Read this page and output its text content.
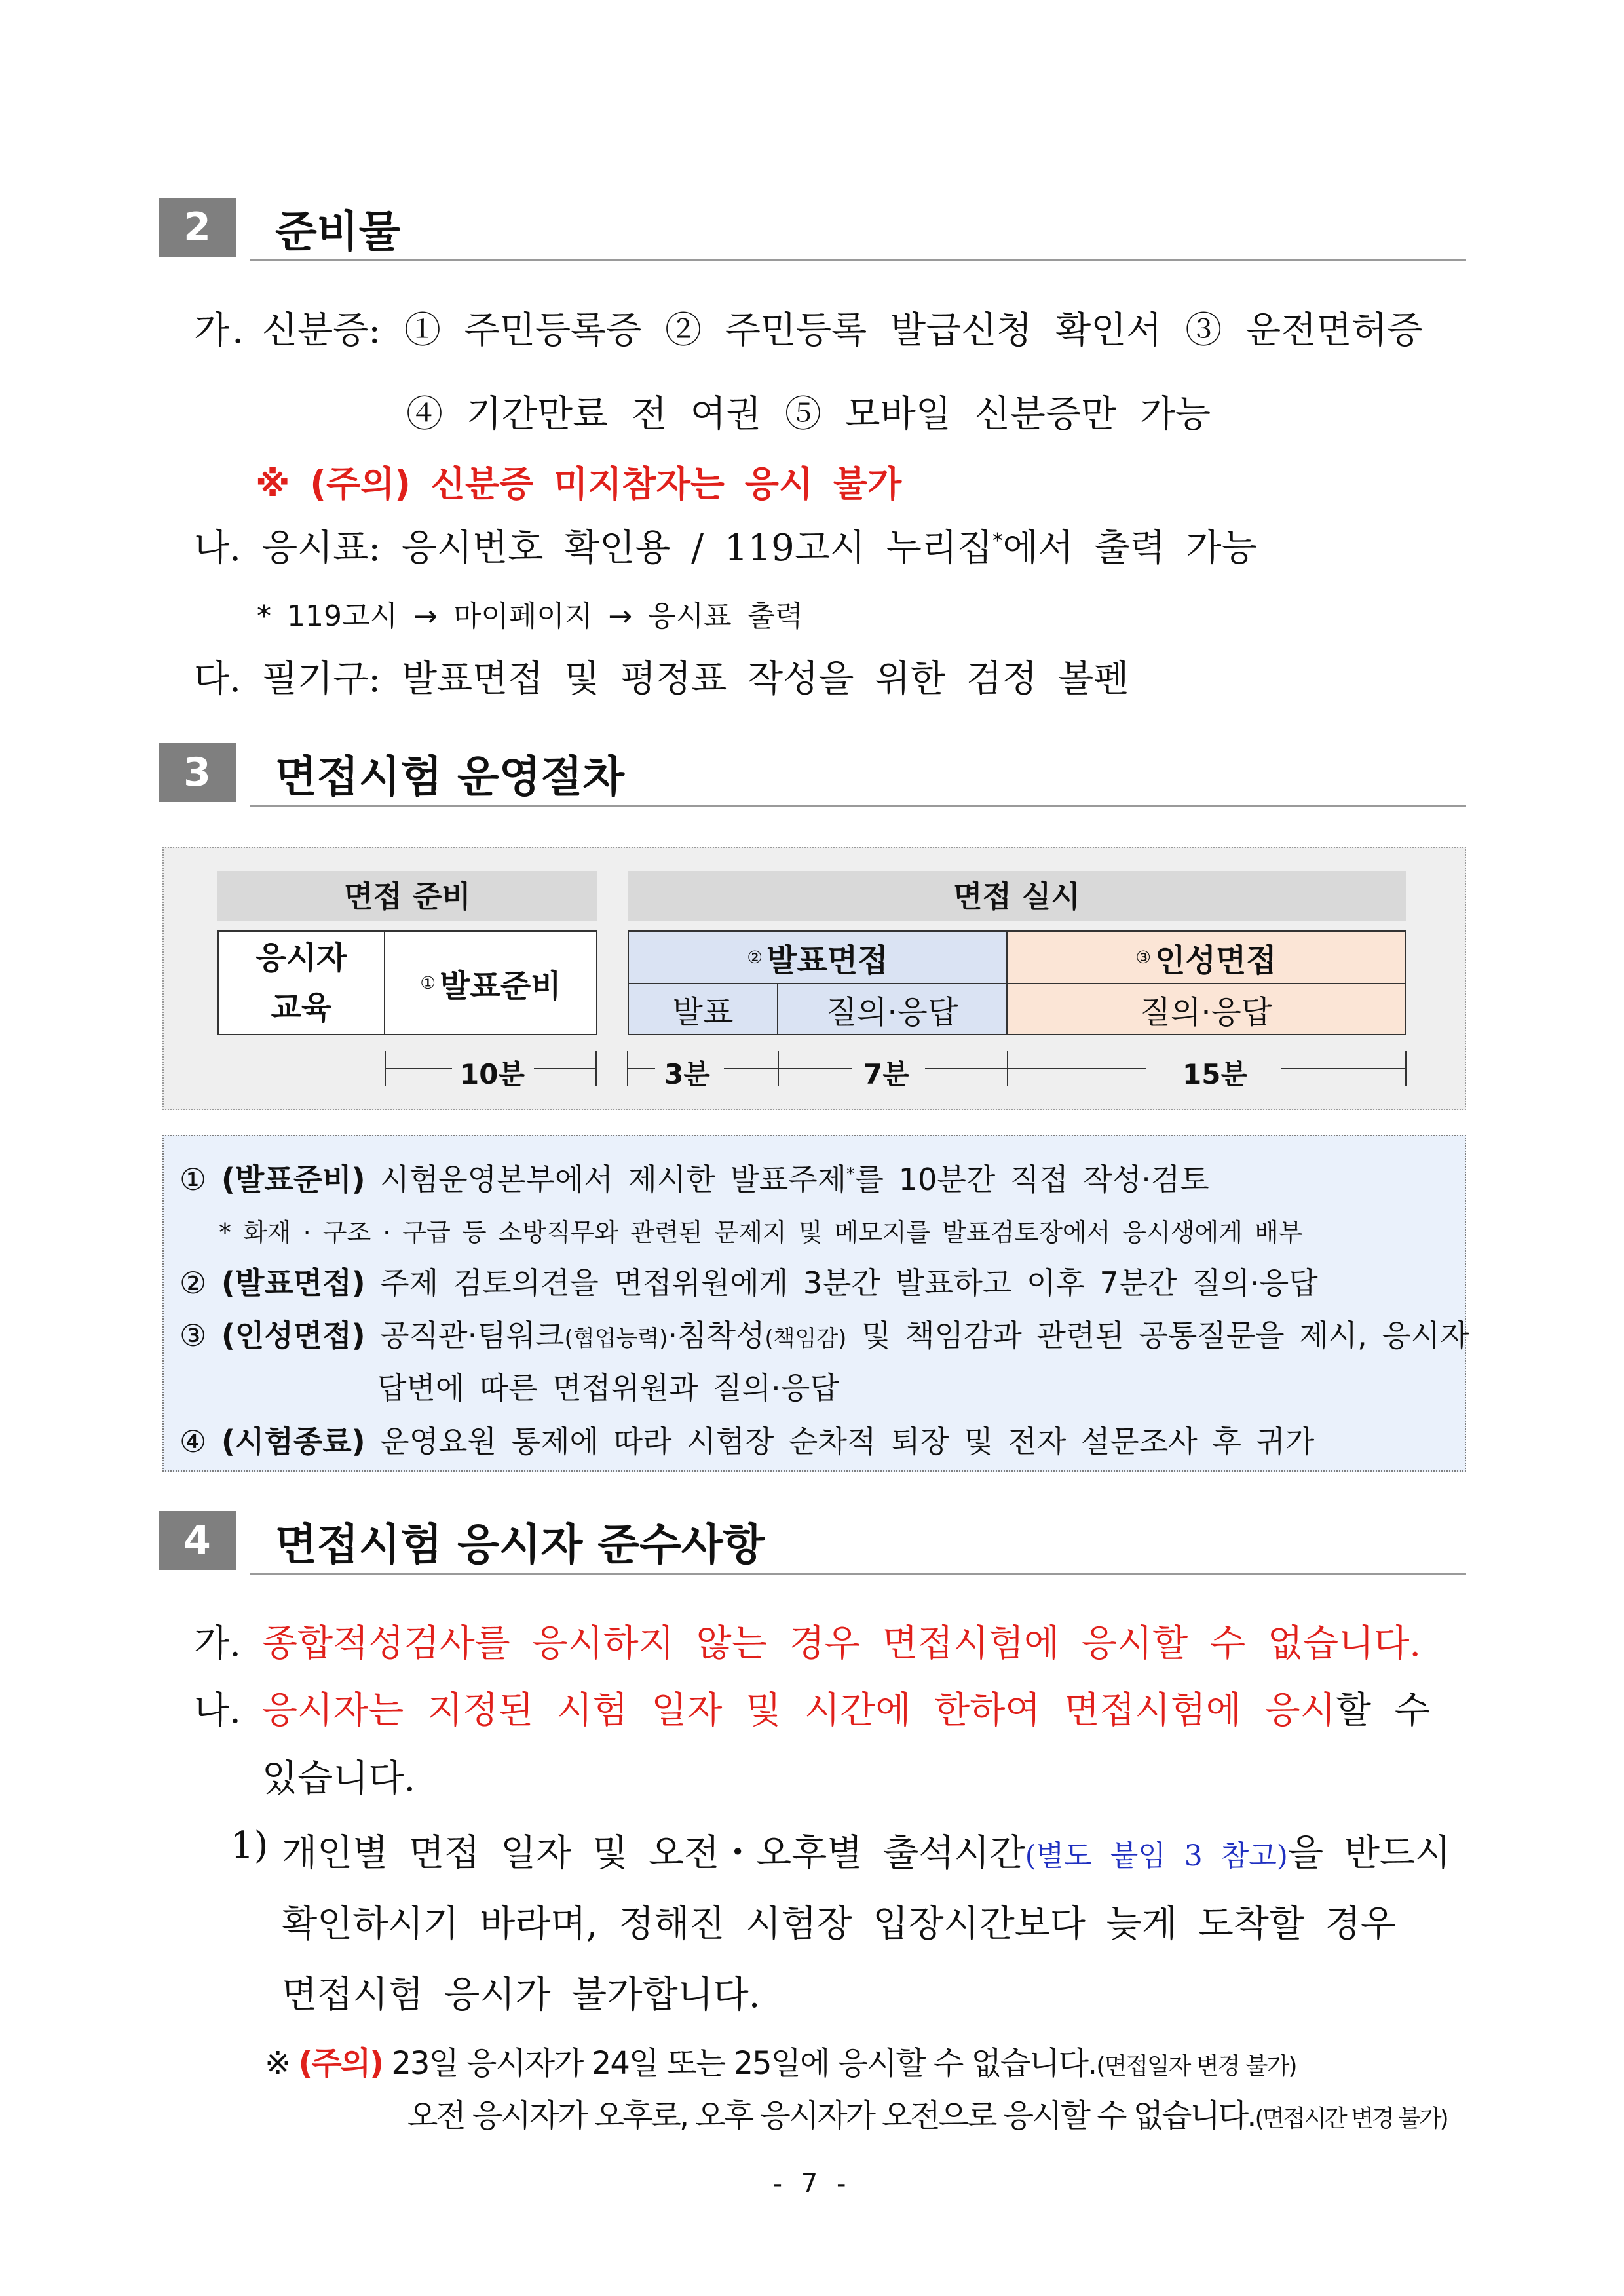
2	준비물
가. 신분증: ① 주민등록증 ② 주민등록 발급신청 확인서 ③ 운전면허증
④ 기간만료 전 여권 ⑤ 모바일 신분증만 가능
※ (주의) 신분증 미지참자는 응시 불가
나. 응시표: 응시번호 확인용 / 119고시 누리집*에서 출력 가능
* 119고시 → 마이페이지 → 응시표 출력
다. 필기구: 발표면접 및 평정표 작성을 위한 검정 볼펜
3	면접시험 운영절차
면접 준비	면접 실시
응시자
교육
① 발표준비
② 발표면접
발표	질의·응답
③ 인성면접
질의·응답
10분	3분	7분	15분
① (발표준비) 시험운영본부에서 제시한 발표주제*를 10분간 직접 작성·검토
* 화재 · 구조 · 구급 등 소방직무와 관련된 문제지 및 메모지를 발표검토장에서 응시생에게 배부
② (발표면접) 주제 검토의견을 면접위원에게 3분간 발표하고 이후 7분간 질의·응답
③ (인성면접) 공직관·팀워크(협업능력)·침착성(책임감) 및 책임감과 관련된 공통질문을 제시, 응시자
답변에 따른 면접위원과 질의·응답
④ (시험종료) 운영요원 통제에 따라 시험장 순차적 퇴장 및 전자 설문조사 후 귀가
4	면접시험 응시자 준수사항
가. 종합적성검사를 응시하지 않는 경우 면접시험에 응시할 수 없습니다.
나. 응시자는 지정된 시험 일자 및 시간에 한하여 면접시험에 응시할 수
있습니다.
1) 개인별 면접 일자 및 오전・오후별 출석시간(별도 붙임 3 참고)을 반드시
확인하시기 바라며, 정해진 시험장 입장시간보다 늦게 도착할 경우
면접시험 응시가 불가합니다.
※ (주의) 23일 응시자가 24일 또는 25일에 응시할 수 없습니다.(면접일자 변경 불가)
오전 응시자가 오후로, 오후 응시자가 오전으로 응시할 수 없습니다.(면접시간 변경 불가)
- 7 -
